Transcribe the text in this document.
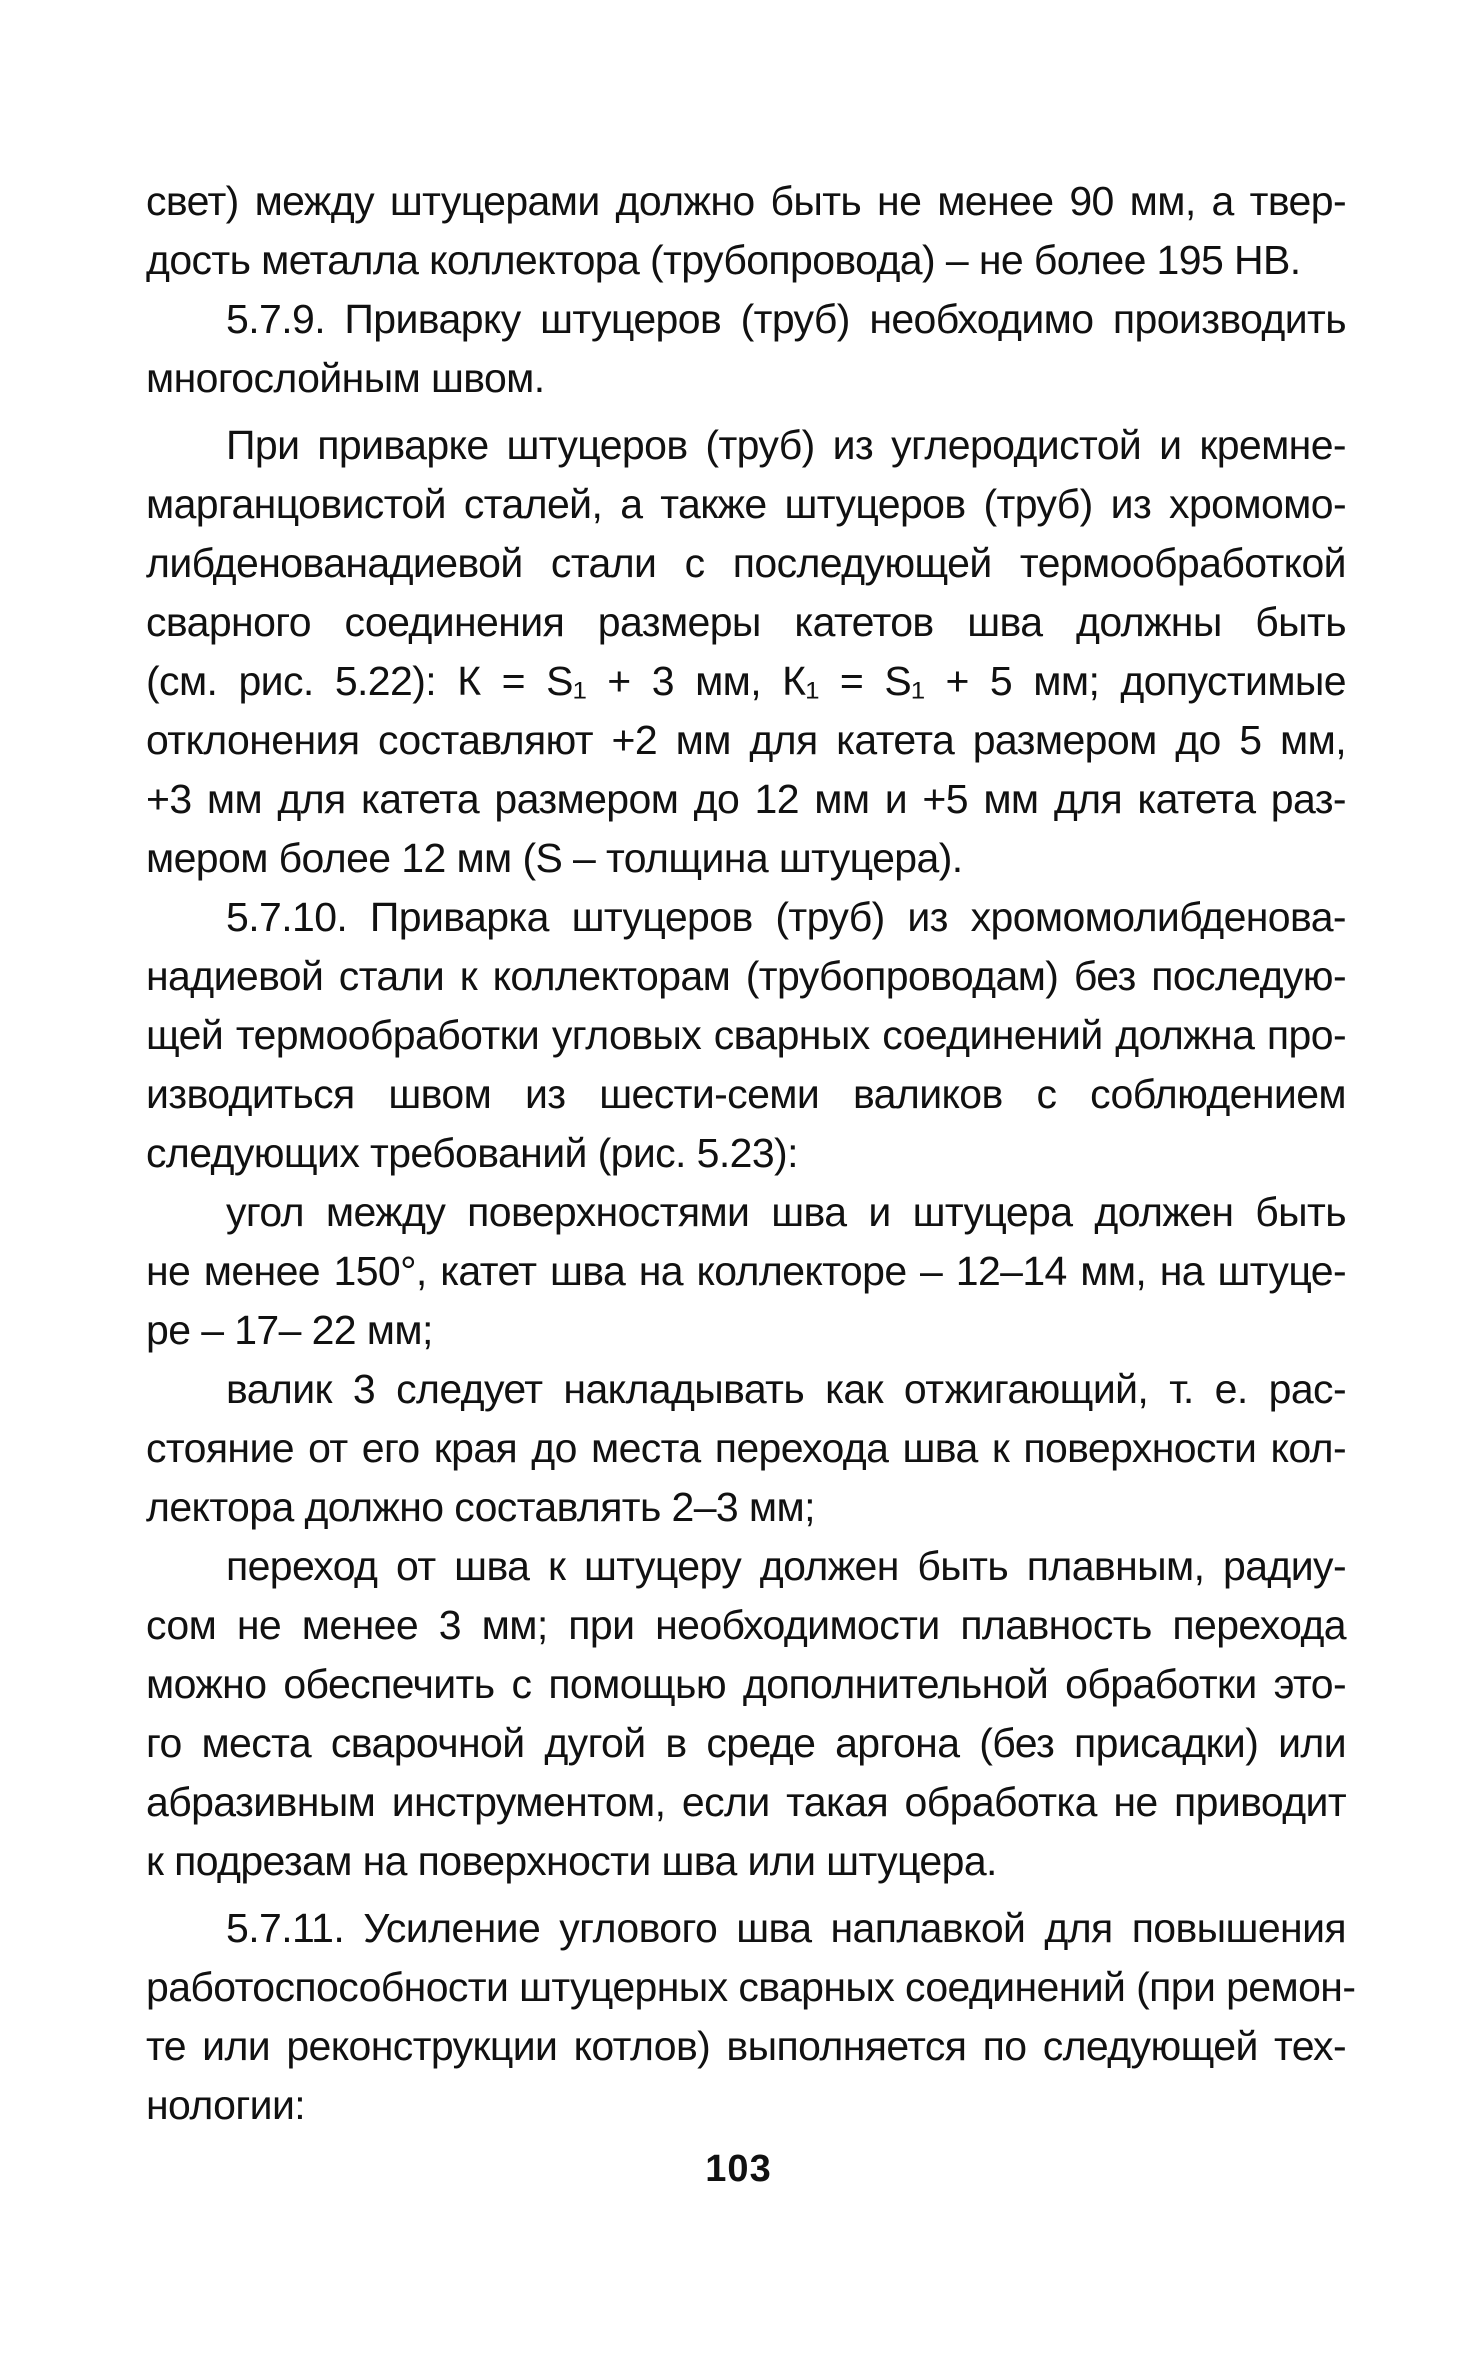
свет) между штуцерами должно быть не менее 90 мм, а твер-
дость металла коллектора (трубопровода) – не более 195 НВ.
5.7.9. Приварку штуцеров (труб) необходимо производить
многослойным швом.
При приварке штуцеров (труб) из углеродистой и кремне-
марганцовистой сталей, а также штуцеров (труб) из хромомо-
либденованадиевой стали с последующей термообработкой
сварного соединения размеры катетов шва должны быть
(см. рис. 5.22): К = S₁ + 3 мм, К₁ = S₁ + 5 мм; допустимые
отклонения составляют +2 мм для катета размером до 5 мм,
+3 мм для катета размером до 12 мм и +5 мм для катета раз-
мером более 12 мм (S – толщина штуцера).
5.7.10. Приварка штуцеров (труб) из хромомолибденова-
надиевой стали к коллекторам (трубопроводам) без последую-
щей термообработки угловых сварных соединений должна про-
изводиться швом из шести-семи валиков с соблюдением
следующих требований (рис. 5.23):
угол между поверхностями шва и штуцера должен быть
не менее 150°, катет шва на коллекторе – 12–14 мм, на штуце-
ре – 17– 22 мм;
валик 3 следует накладывать как отжигающий, т. е. рас-
стояние от его края до места перехода шва к поверхности кол-
лектора должно составлять 2–3 мм;
переход от шва к штуцеру должен быть плавным, радиу-
сом не менее 3 мм; при необходимости плавность перехода
можно обеспечить с помощью дополнительной обработки это-
го места сварочной дугой в среде аргона (без присадки) или
абразивным инструментом, если такая обработка не приводит
к подрезам на поверхности шва или штуцера.
5.7.11. Усиление углового шва наплавкой для повышения
работоспособности штуцерных сварных соединений (при ремон-
те или реконструкции котлов) выполняется по следующей тех-
нологии:
103
